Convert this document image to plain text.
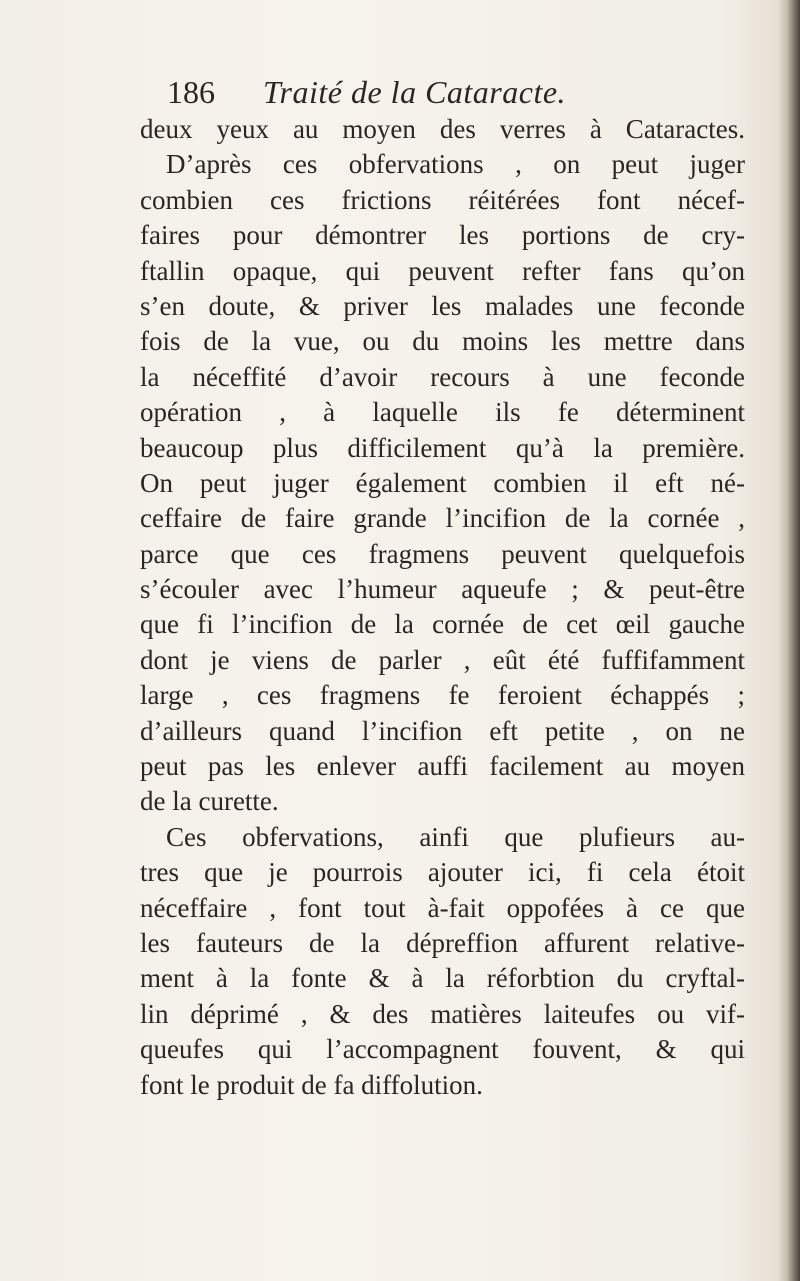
186 Traité de la Cataracte.
deux yeux au moyen des verres à Cataractes.
D’après ces obfervations , on peut juger
combien ces frictions réitérées font nécef-
faires pour démontrer les portions de cry-
ftallin opaque, qui peuvent refter fans qu’on
s’en doute, & priver les malades une feconde
fois de la vue, ou du moins les mettre dans
la néceffité d’avoir recours à une feconde
opération , à laquelle ils fe déterminent
beaucoup plus difficilement qu’à la première.
On peut juger également combien il eft né-
ceffaire de faire grande l’incifion de la cornée ,
parce que ces fragmens peuvent quelquefois
s’écouler avec l’humeur aqueufe ; & peut-être
que fi l’incifion de la cornée de cet œil gauche
dont je viens de parler , eût été fuffifamment
large , ces fragmens fe feroient échappés ;
d’ailleurs quand l’incifion eft petite , on ne
peut pas les enlever auffi facilement au moyen
de la curette.
Ces obfervations, ainfi que plufieurs au-
tres que je pourrois ajouter ici, fi cela étoit
néceffaire , font tout à-fait oppofées à ce que
les fauteurs de la dépreffion affurent relative-
ment à la fonte & à la réforbtion du cryftal-
lin déprimé , & des matières laiteufes ou vif-
queufes qui l’accompagnent fouvent, & qui
font le produit de fa diffolution.
